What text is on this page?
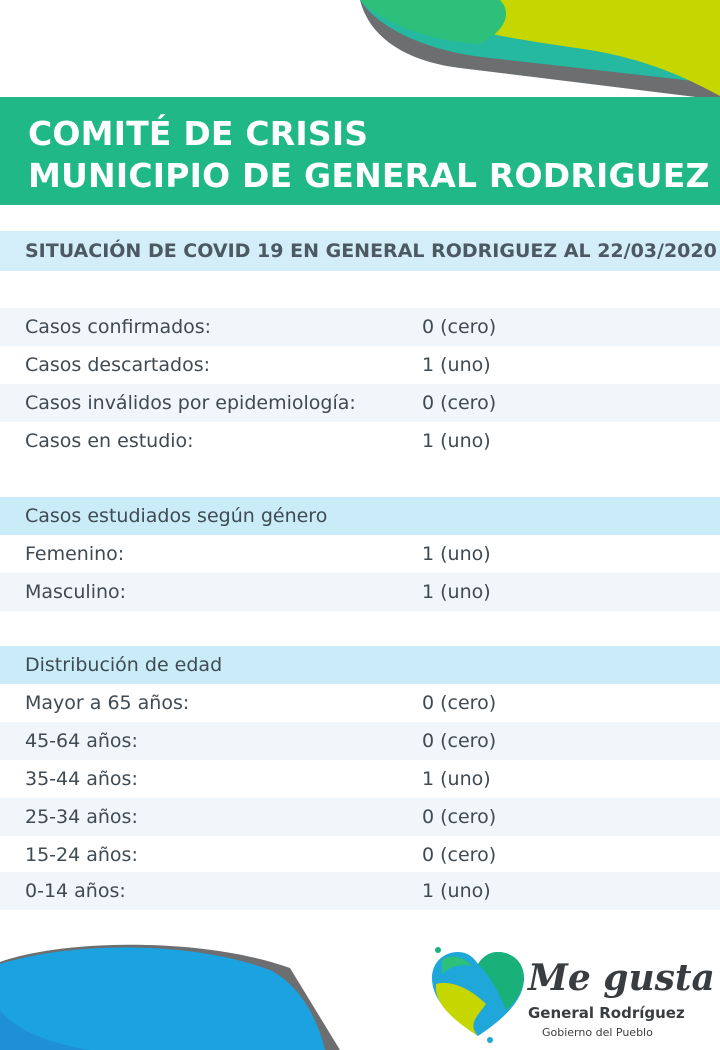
COMITÉ DE CRISIS
MUNICIPIO DE GENERAL RODRIGUEZ
SITUACIÓN DE COVID 19 EN GENERAL RODRIGUEZ AL 22/03/2020
Casos confirmados:	0 (cero)
Casos descartados:	1 (uno)
Casos inválidos por epidemiología:	0 (cero)
Casos en estudio:	1 (uno)
Casos estudiados según género
Femenino:	1 (uno)
Masculino:	1 (uno)
Distribución de edad
Mayor a 65 años:	0 (cero)
45-64 años:	0 (cero)
35-44 años:	1 (uno)
25-34 años:	0 (cero)
15-24 años:	0 (cero)
0-14 años:	1 (uno)
Me gusta
General Rodríguez
Gobierno del Pueblo
